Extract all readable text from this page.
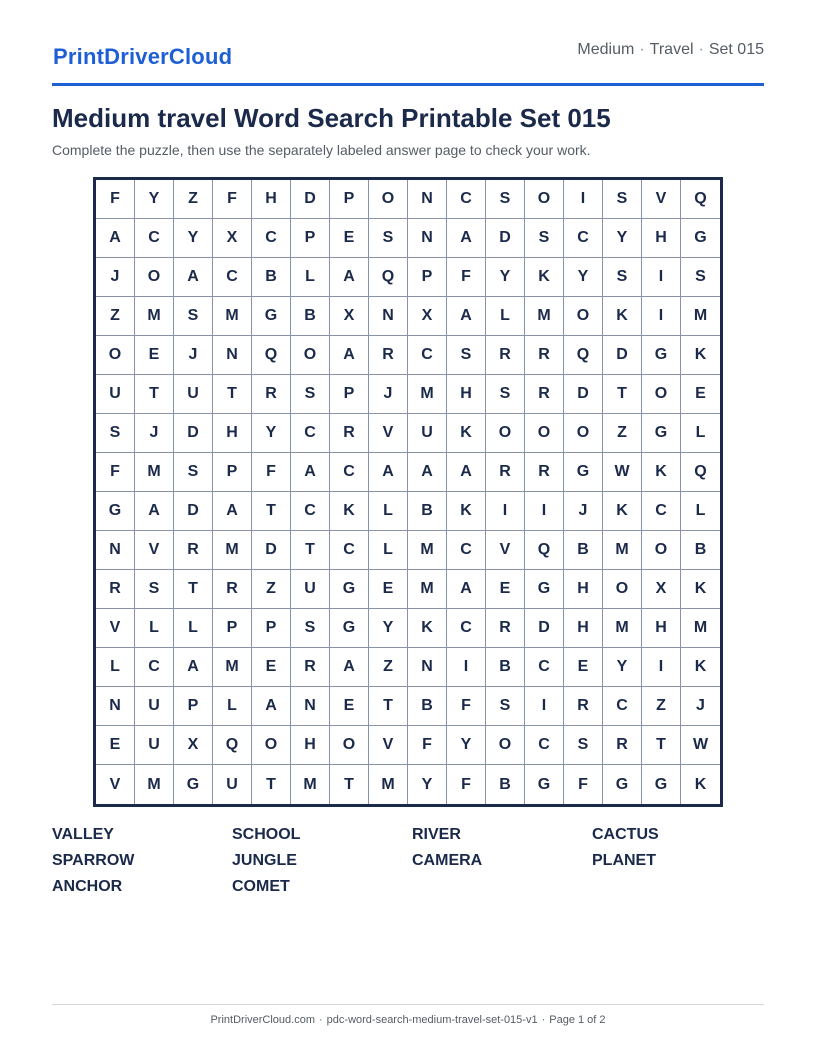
PrintDriverCloud	Medium · Travel · Set 015
Medium travel Word Search Printable Set 015

Complete the puzzle, then use the separately labeled answer page to check your work.

F	Y	Z	F	H	D	P	O	N	C	S	O	I	S	V	Q
A	C	Y	X	C	P	E	S	N	A	D	S	C	Y	H	G
J	O	A	C	B	L	A	Q	P	F	Y	K	Y	S	I	S
Z	M	S	M	G	B	X	N	X	A	L	M	O	K	I	M
O	E	J	N	Q	O	A	R	C	S	R	R	Q	D	G	K
U	T	U	T	R	S	P	J	M	H	S	R	D	T	O	E
S	J	D	H	Y	C	R	V	U	K	O	O	O	Z	G	L
F	M	S	P	F	A	C	A	A	A	R	R	G	W	K	Q
G	A	D	A	T	C	K	L	B	K	I	I	J	K	C	L
N	V	R	M	D	T	C	L	M	C	V	Q	B	M	O	B
R	S	T	R	Z	U	G	E	M	A	E	G	H	O	X	K
V	L	L	P	P	S	G	Y	K	C	R	D	H	M	H	M
L	C	A	M	E	R	A	Z	N	I	B	C	E	Y	I	K
N	U	P	L	A	N	E	T	B	F	S	I	R	C	Z	J
E	U	X	Q	O	H	O	V	F	Y	O	C	S	R	T	W
V	M	G	U	T	M	T	M	Y	F	B	G	F	G	G	K
VALLEY	SCHOOL	RIVER	CACTUS
SPARROW	JUNGLE	CAMERA	PLANET
ANCHOR	COMET
PrintDriverCloud.com · pdc-word-search-medium-travel-set-015-v1 · Page 1 of 2
